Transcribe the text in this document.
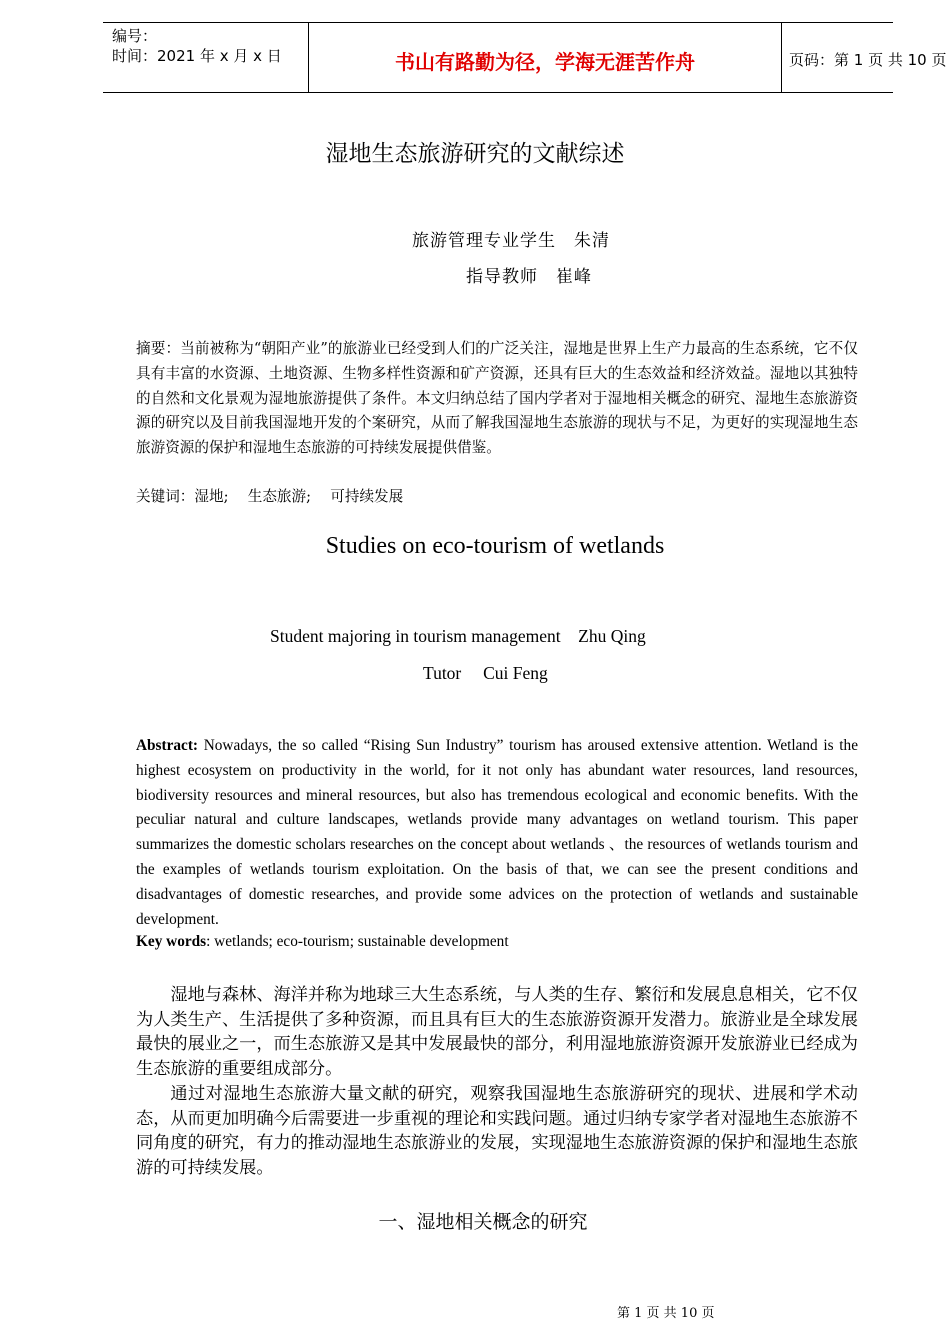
编号：
时间：2021 年 x 月 x 日	书山有路勤为径，学海无涯苦作舟	页码：第 1 页 共 10 页
湿地生态旅游研究的文献综述
旅游管理专业学生　朱清
指导教师　崔峰
摘要：当前被称为“朝阳产业”的旅游业已经受到人们的广泛关注，湿地是世界上生产力最高的生态系统，它不仅具有丰富的水资源、土地资源、生物多样性资源和矿产资源，还具有巨大的生态效益和经济效益。湿地以其独特的自然和文化景观为湿地旅游提供了条件。本文归纳总结了国内学者对于湿地相关概念的研究、湿地生态旅游资源的研究以及目前我国湿地开发的个案研究，从而了解我国湿地生态旅游的现状与不足，为更好的实现湿地生态旅游资源的保护和湿地生态旅游的可持续发展提供借鉴。
关键词：湿地;　 生态旅游;　 可持续发展
Studies on eco-tourism of wetlands
Student majoring in tourism management　Zhu Qing
Tutor　 Cui Feng
Abstract: Nowadays, the so called “Rising Sun Industry” tourism has aroused extensive attention. Wetland is the highest ecosystem on productivity in the world, for it not only has abundant water resources, land resources, biodiversity resources and mineral resources, but also has tremendous ecological and economic benefits. With the peculiar natural and culture landscapes, wetlands provide many advantages on wetland tourism. This paper summarizes the domestic scholars researches on the concept about wetlands 、the resources of wetlands tourism and the examples of wetlands tourism exploitation. On the basis of that, we can see the present conditions and disadvantages of domestic researches, and provide some advices on the protection of wetlands and sustainable development.
Key words: wetlands; eco-tourism; sustainable development
湿地与森林、海洋并称为地球三大生态系统，与人类的生存、繁衍和发展息息相关，它不仅为人类生产、生活提供了多种资源，而且具有巨大的生态旅游资源开发潜力。旅游业是全球发展最快的展业之一，而生态旅游又是其中发展最快的部分，利用湿地旅游资源开发旅游业已经成为生态旅游的重要组成部分。
通过对湿地生态旅游大量文献的研究，观察我国湿地生态旅游研究的现状、进展和学术动态，从而更加明确今后需要进一步重视的理论和实践问题。通过归纳专家学者对湿地生态旅游不同角度的研究，有力的推动湿地生态旅游业的发展，实现湿地生态旅游资源的保护和湿地生态旅游的可持续发展。
一、湿地相关概念的研究
第 1 页 共 10 页
